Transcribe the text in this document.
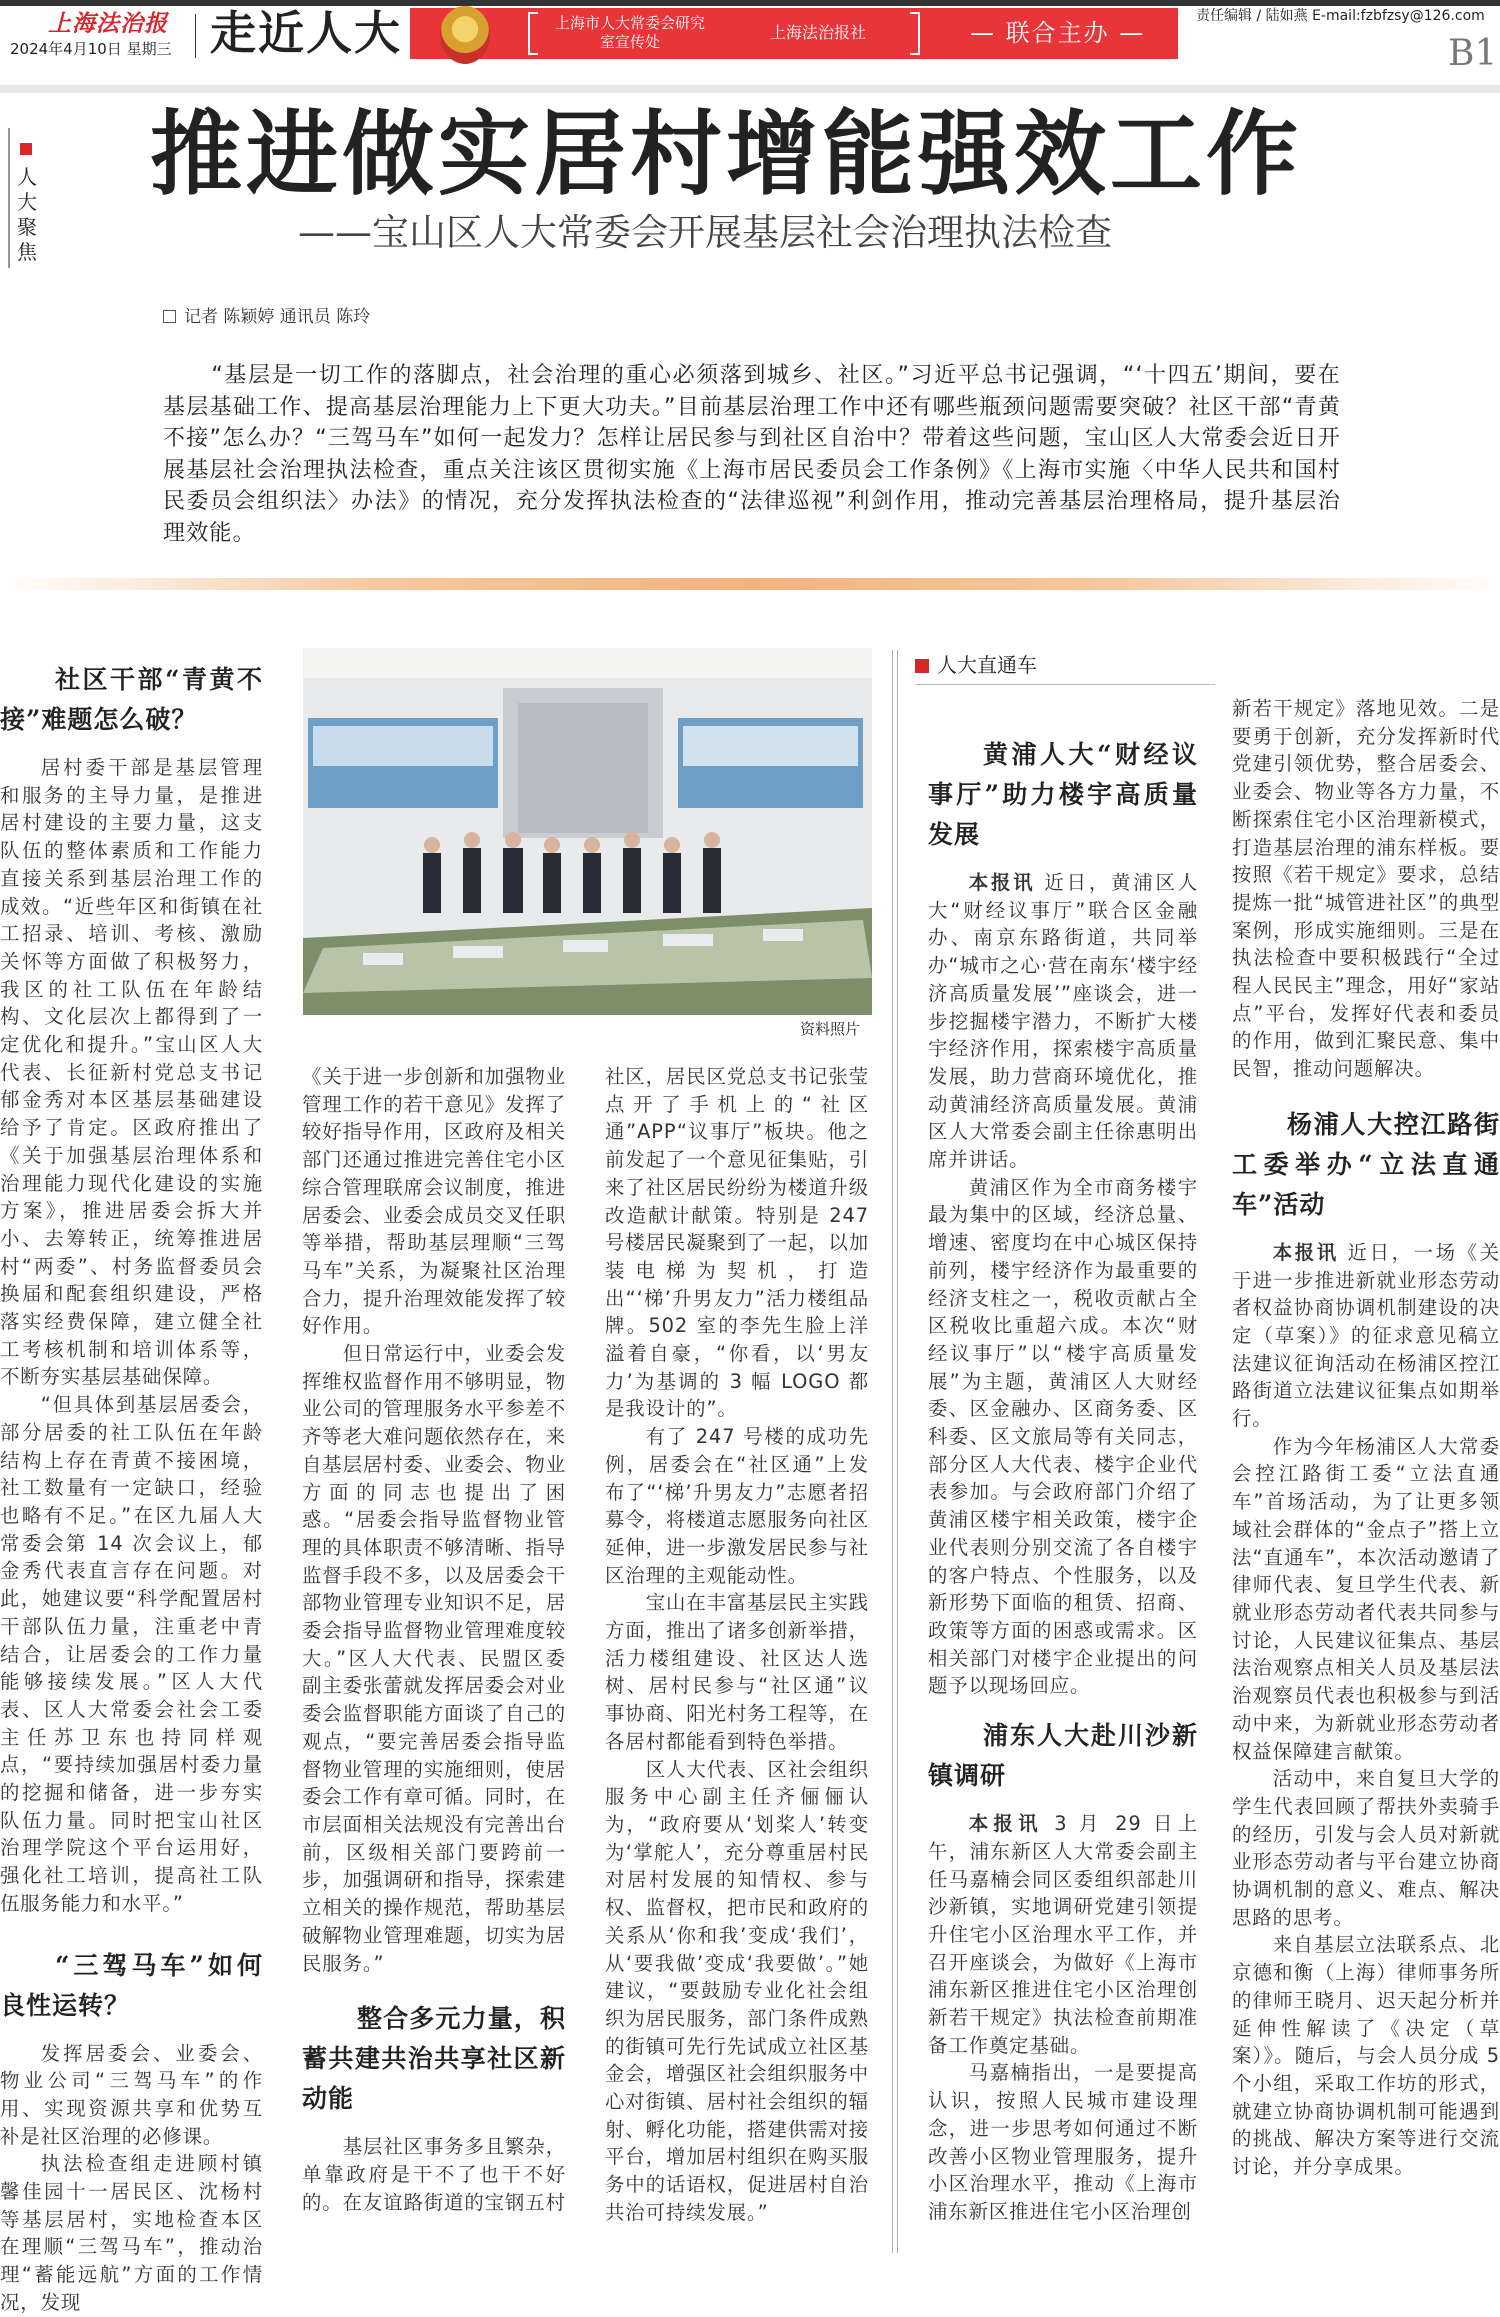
上海法治报
2024年4月10日 星期三 走近人大	上海市人大常委会研究室宣传处	上海法治报社	— 联合主办 —
责任编辑 / 陆如燕 E-mail:fzbfzsy@126.com
B1
人大聚焦
推进做实居村增能强效工作
——宝山区人大常委会开展基层社会治理执法检查
记者 陈颖婷 通讯员 陈玲
“基层是一切工作的落脚点，社会治理的重心必须落到城乡、社区。”习近平总书记强调，“‘十四五’期间，要在基层基础工作、提高基层治理能力上下更大功夫。”目前基层治理工作中还有哪些瓶颈问题需要突破？社区干部“青黄不接”怎么办？“三驾马车”如何一起发力？怎样让居民参与到社区自治中？带着这些问题，宝山区人大常委会近日开展基层社会治理执法检查，重点关注该区贯彻实施《上海市居民委员会工作条例》《上海市实施〈中华人民共和国村民委员会组织法〉办法》的情况，充分发挥执法检查的“法律巡视”利剑作用，推动完善基层治理格局，提升基层治理效能。
社区干部“青黄不接”难题怎么破？

居村委干部是基层管理和服务的主导力量，是推进居村建设的主要力量，这支队伍的整体素质和工作能力直接关系到基层治理工作的成效。“近些年区和街镇在社工招录、培训、考核、激励关怀等方面做了积极努力，我区的社工队伍在年龄结构、文化层次上都得到了一定优化和提升。”宝山区人大代表、长征新村党总支书记郁金秀对本区基层基础建设给予了肯定。区政府推出了《关于加强基层治理体系和治理能力现代化建设的实施方案》，推进居委会拆大并小、去筹转正，统筹推进居村“两委”、村务监督委员会换届和配套组织建设，严格落实经费保障，建立健全社工考核机制和培训体系等，不断夯实基层基础保障。

“但具体到基层居委会，部分居委的社工队伍在年龄结构上存在青黄不接困境，社工数量有一定缺口，经验也略有不足。”在区九届人大常委会第 14 次会议上，郁金秀代表直言存在问题。对此，她建议要“科学配置居村干部队伍力量，注重老中青结合，让居委会的工作力量能够接续发展。”区人大代表、区人大常委会社会工委主任苏卫东也持同样观点，“要持续加强居村委力量的挖掘和储备，进一步夯实队伍力量。同时把宝山社区治理学院这个平台运用好，强化社工培训，提高社工队伍服务能力和水平。”

“三驾马车”如何良性运转？

发挥居委会、业委会、物业公司“三驾马车”的作用、实现资源共享和优势互补是社区治理的必修课。

执法检查组走进顾村镇馨佳园十一居民区、沈杨村等基层居村，实地检查本区在理顺“三驾马车”，推动治理“蓄能远航”方面的工作情况，发现

资料照片

《关于进一步创新和加强物业管理工作的若干意见》发挥了较好指导作用，区政府及相关部门还通过推进完善住宅小区综合管理联席会议制度，推进居委会、业委会成员交叉任职等举措，帮助基层理顺“三驾马车”关系，为凝聚社区治理合力，提升治理效能发挥了较好作用。

但日常运行中，业委会发挥维权监督作用不够明显，物业公司的管理服务水平参差不齐等老大难问题依然存在，来自基层居村委、业委会、物业方面的同志也提出了困惑。“居委会指导监督物业管理的具体职责不够清晰、指导监督手段不多，以及居委会干部物业管理专业知识不足，居委会指导监督物业管理难度较大。”区人大代表、民盟区委副主委张蕾就发挥居委会对业委会监督职能方面谈了自己的观点，“要完善居委会指导监督物业管理的实施细则，使居委会工作有章可循。同时，在市层面相关法规没有完善出台前，区级相关部门要跨前一步，加强调研和指导，探索建立相关的操作规范，帮助基层破解物业管理难题，切实为居民服务。”

整合多元力量，积蓄共建共治共享社区新动能

基层社区事务多且繁杂，单靠政府是干不了也干不好的。在友谊路街道的宝钢五村

社区，居民区党总支书记张莹点开了手机上的“社区通”APP“议事厅”板块。他之前发起了一个意见征集贴，引来了社区居民纷纷为楼道升级改造献计献策。特别是 247 号楼居民凝聚到了一起，以加装电梯为契机，打造出“‘梯’升男友力”活力楼组品牌。502 室的李先生脸上洋溢着自豪，“你看，以‘男友力’为基调的 3 幅 LOGO 都是我设计的”。

有了 247 号楼的成功先例，居委会在“社区通”上发布了“‘梯’升男友力”志愿者招募令，将楼道志愿服务向社区延伸，进一步激发居民参与社区治理的主观能动性。

宝山在丰富基层民主实践方面，推出了诸多创新举措，活力楼组建设、社区达人选树、居村民参与“社区通”议事协商、阳光村务工程等，在各居村都能看到特色举措。

区人大代表、区社会组织服务中心副主任齐俪俪认为，“政府要从‘划桨人’转变为‘掌舵人’，充分尊重居村民对居村发展的知情权、参与权、监督权，把市民和政府的关系从‘你和我’变成‘我们’，从‘要我做’变成‘我要做’。”她建议，“要鼓励专业化社会组织为居民服务，部门条件成熟的街镇可先行先试成立社区基金会，增强区社会组织服务中心对街镇、居村社会组织的辐射、孵化功能，搭建供需对接平台，增加居村组织在购买服务中的话语权，促进居村自治共治可持续发展。”

人大直通车
黄浦人大“财经议事厅”助力楼宇高质量发展

本报讯 近日，黄浦区人大“财经议事厅”联合区金融办、南京东路街道，共同举办“城市之心·营在南东‘楼宇经济高质量发展’”座谈会，进一步挖掘楼宇潜力，不断扩大楼宇经济作用，探索楼宇高质量发展，助力营商环境优化，推动黄浦经济高质量发展。黄浦区人大常委会副主任徐惠明出席并讲话。

黄浦区作为全市商务楼宇最为集中的区域，经济总量、增速、密度均在中心城区保持前列，楼宇经济作为最重要的经济支柱之一，税收贡献占全区税收比重超六成。本次“财经议事厅”以“楼宇高质量发展”为主题，黄浦区人大财经委、区金融办、区商务委、区科委、区文旅局等有关同志，部分区人大代表、楼宇企业代表参加。与会政府部门介绍了黄浦区楼宇相关政策，楼宇企业代表则分别交流了各自楼宇的客户特点、个性服务，以及新形势下面临的租赁、招商、政策等方面的困惑或需求。区相关部门对楼宇企业提出的问题予以现场回应。

浦东人大赴川沙新镇调研

本报讯 3 月 29 日上午，浦东新区人大常委会副主任马嘉楠会同区委组织部赴川沙新镇，实地调研党建引领提升住宅小区治理水平工作，并召开座谈会，为做好《上海市浦东新区推进住宅小区治理创新若干规定》执法检查前期准备工作奠定基础。

马嘉楠指出，一是要提高认识，按照人民城市建设理念，进一步思考如何通过不断改善小区物业管理服务，提升小区治理水平，推动《上海市浦东新区推进住宅小区治理创

新若干规定》落地见效。二是要勇于创新，充分发挥新时代党建引领优势，整合居委会、业委会、物业等各方力量，不断探索住宅小区治理新模式，打造基层治理的浦东样板。要按照《若干规定》要求，总结提炼一批“城管进社区”的典型案例，形成实施细则。三是在执法检查中要积极践行“全过程人民民主”理念，用好“家站点”平台，发挥好代表和委员的作用，做到汇聚民意、集中民智，推动问题解决。

杨浦人大控江路街工委举办“立法直通车”活动

本报讯 近日，一场《关于进一步推进新就业形态劳动者权益协商协调机制建设的决定（草案）》的征求意见稿立法建议征询活动在杨浦区控江路街道立法建议征集点如期举行。

作为今年杨浦区人大常委会控江路街工委“立法直通车”首场活动，为了让更多领域社会群体的“金点子”搭上立法“直通车”，本次活动邀请了律师代表、复旦学生代表、新就业形态劳动者代表共同参与讨论，人民建议征集点、基层法治观察点相关人员及基层法治观察员代表也积极参与到活动中来，为新就业形态劳动者权益保障建言献策。

活动中，来自复旦大学的学生代表回顾了帮扶外卖骑手的经历，引发与会人员对新就业形态劳动者与平台建立协商协调机制的意义、难点、解决思路的思考。

来自基层立法联系点、北京德和衡（上海）律师事务所的律师王晓月、迟天起分析并延伸性解读了《决定（草案）》。随后，与会人员分成 5 个小组，采取工作坊的形式，就建立协商协调机制可能遇到的挑战、解决方案等进行交流讨论，并分享成果。
